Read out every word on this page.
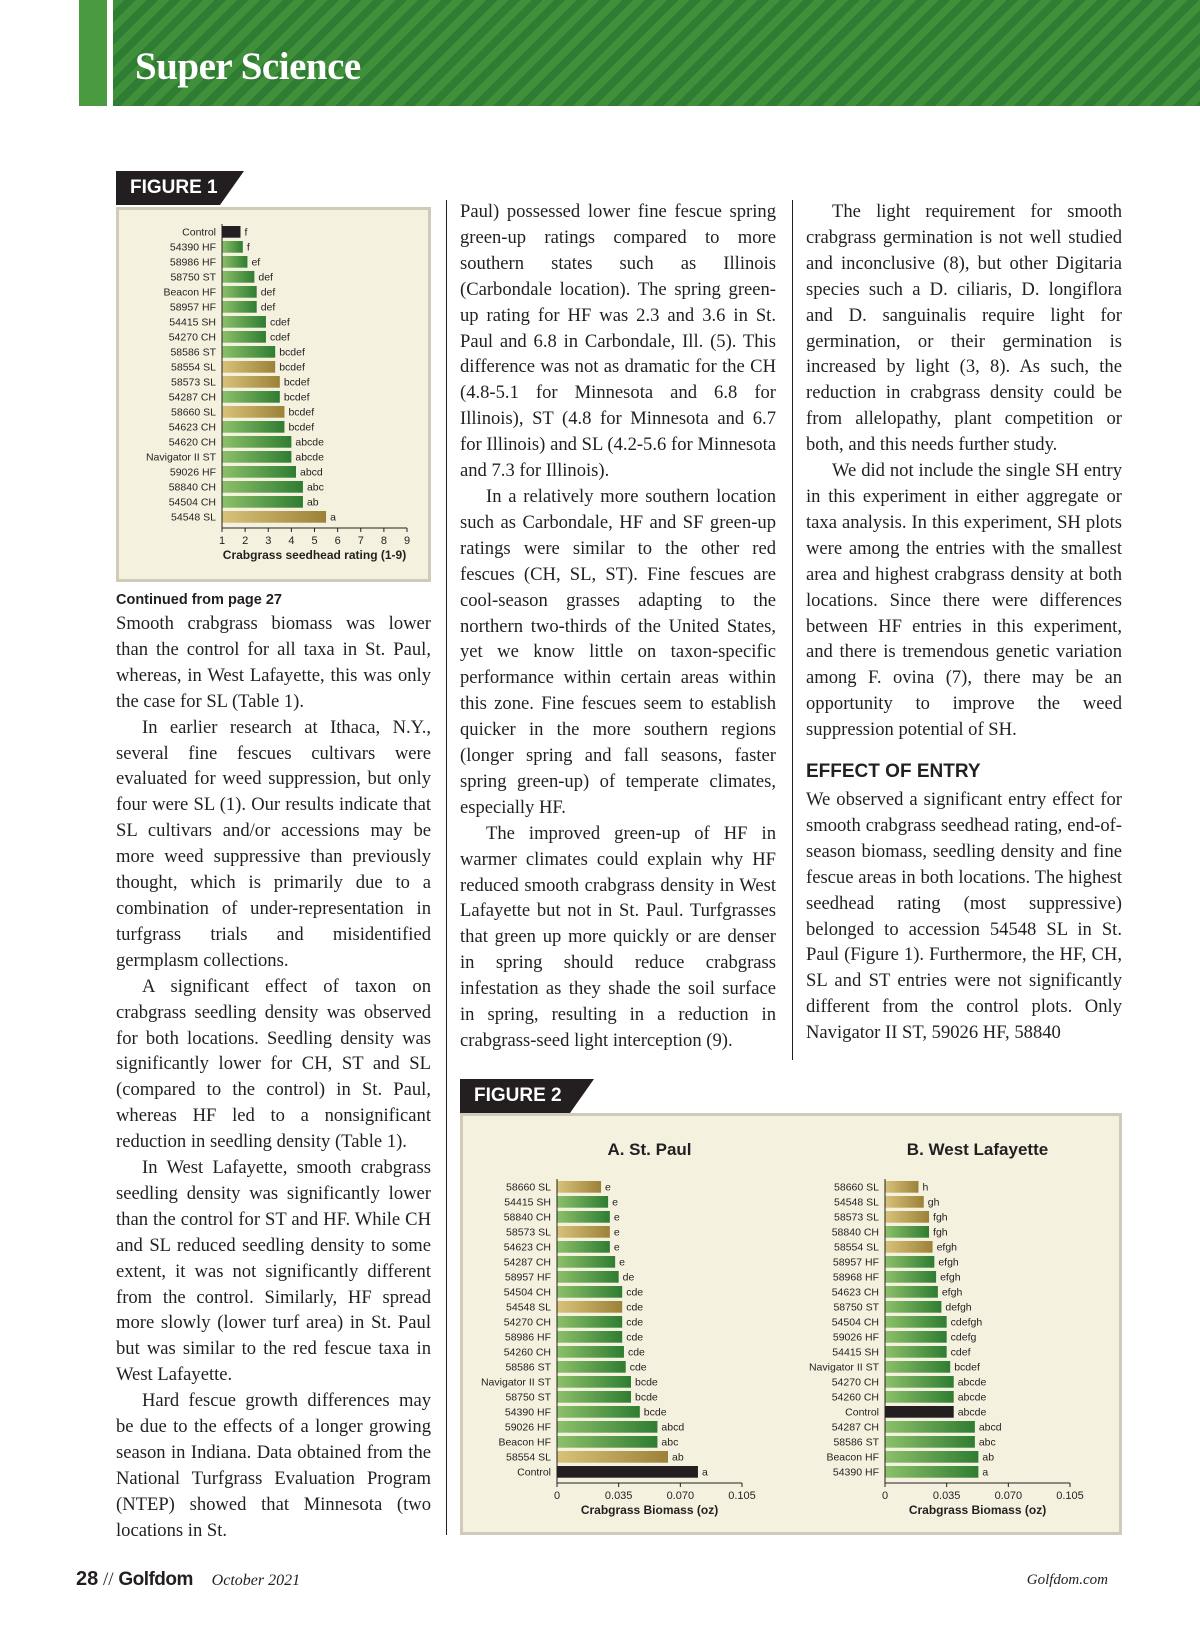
Super Science
FIGURE 1
Control	f
54390 HF	f
58986 HF	ef
58750 ST	def
Beacon HF	def
58957 HF	def
54415 SH	cdef
54270 CH	cdef
58586 ST	bcdef
58554 SL	bcdef
58573 SL	bcdef
54287 CH	bcdef
58660 SL	bcdef
54623 CH	bcdef
54620 CH	abcde
Navigator II ST	abcde
59026 HF	abcd
58840 CH	abc
54504 CH	ab
54548 SL	a
1 2 3 4 5 6 7 8 9
Crabgrass seedhead rating (1-9)
Continued from page 27

Smooth crabgrass biomass was lower than the control for all taxa in St. Paul, whereas, in West Lafayette, this was only the case for SL (Table 1).

In earlier research at Ithaca, N.Y., several fine fescues cultivars were evaluated for weed suppression, but only four were SL (1). Our results indicate that SL cultivars and/or accessions may be more weed suppressive than previously thought, which is primarily due to a combination of under-representation in turfgrass trials and misidentified germplasm collections.

A significant effect of taxon on crabgrass seedling density was observed for both locations. Seedling density was significantly lower for CH, ST and SL (compared to the control) in St. Paul, whereas HF led to a nonsignificant reduction in seedling density (Table 1).

In West Lafayette, smooth crabgrass seedling density was significantly lower than the control for ST and HF. While CH and SL reduced seedling density to some extent, it was not significantly different from the control. Similarly, HF spread more slowly (lower turf area) in St. Paul but was similar to the red fescue taxa in West Lafayette.

Hard fescue growth differences may be due to the effects of a longer growing season in Indiana. Data obtained from the National Turfgrass Evaluation Program (NTEP) showed that Minnesota (two locations in St.

Paul) possessed lower fine fescue spring green-up ratings compared to more southern states such as Illinois (Carbondale location). The spring green-up rating for HF was 2.3 and 3.6 in St. Paul and 6.8 in Carbondale, Ill. (5). This difference was not as dramatic for the CH (4.8-5.1 for Minnesota and 6.8 for Illinois), ST (4.8 for Minnesota and 6.7 for Illinois) and SL (4.2-5.6 for Minnesota and 7.3 for Illinois).

In a relatively more southern location such as Carbondale, HF and SF green-up ratings were similar to the other red fescues (CH, SL, ST). Fine fescues are cool-season grasses adapting to the northern two-thirds of the United States, yet we know little on taxon-specific performance within certain areas within this zone. Fine fescues seem to establish quicker in the more southern regions (longer spring and fall seasons, faster spring green-up) of temperate climates, especially HF.

The improved green-up of HF in warmer climates could explain why HF reduced smooth crabgrass density in West Lafayette but not in St. Paul. Turfgrasses that green up more quickly or are denser in spring should reduce crabgrass infestation as they shade the soil surface in spring, resulting in a reduction in crabgrass-seed light interception (9).

The light requirement for smooth crabgrass germination is not well studied and inconclusive (8), but other Digitaria species such a D. ciliaris, D. longiflora and D. sanguinalis require light for germination, or their germination is increased by light (3, 8). As such, the reduction in crabgrass density could be from allelopathy, plant competition or both, and this needs further study.

We did not include the single SH entry in this experiment in either aggregate or taxa analysis. In this experiment, SH plots were among the entries with the smallest area and highest crabgrass density at both locations. Since there were differences between HF entries in this experiment, and there is tremendous genetic variation among F. ovina (7), there may be an opportunity to improve the weed suppression potential of SH.

EFFECT OF ENTRY

We observed a significant entry effect for smooth crabgrass seedhead rating, end-of-season biomass, seedling density and fine fescue areas in both locations. The highest seedhead rating (most suppressive) belonged to accession 54548 SL in St. Paul (Figure 1). Furthermore, the HF, CH, SL and ST entries were not significantly different from the control plots. Only Navigator II ST, 59026 HF, 58840

FIGURE 2
A. St. Paul
58660 SL	e
54415 SH	e
58840 CH	e
58573 SL	e
54623 CH	e
54287 CH	e
58957 HF	de
54504 CH	cde
54548 SL	cde
54270 CH	cde
58986 HF	cde
54260 CH	cde
58586 ST	cde
Navigator II ST	bcde
58750 ST	bcde
54390 HF	bcde
59026 HF	abcd
Beacon HF	abc
58554 SL	ab
Control	a
0	0.035	0.070	0.105
Crabgrass Biomass (oz)
B. West Lafayette
58660 SL	h
54548 SL	gh
58573 SL	fgh
58840 CH	fgh
58554 SL	efgh
58957 HF	efgh
58968 HF	efgh
54623 CH	efgh
58750 ST	defgh
54504 CH	cdefgh
59026 HF	cdefg
54415 SH	cdef
Navigator II ST	bcdef
54270 CH	abcde
54260 CH	abcde
Control	abcde
54287 CH	abcd
58586 ST	abc
Beacon HF	ab
54390 HF	a
0	0.035	0.070	0.105
Crabgrass Biomass (oz)
28 // Golfdom October 2021	Golfdom.com
